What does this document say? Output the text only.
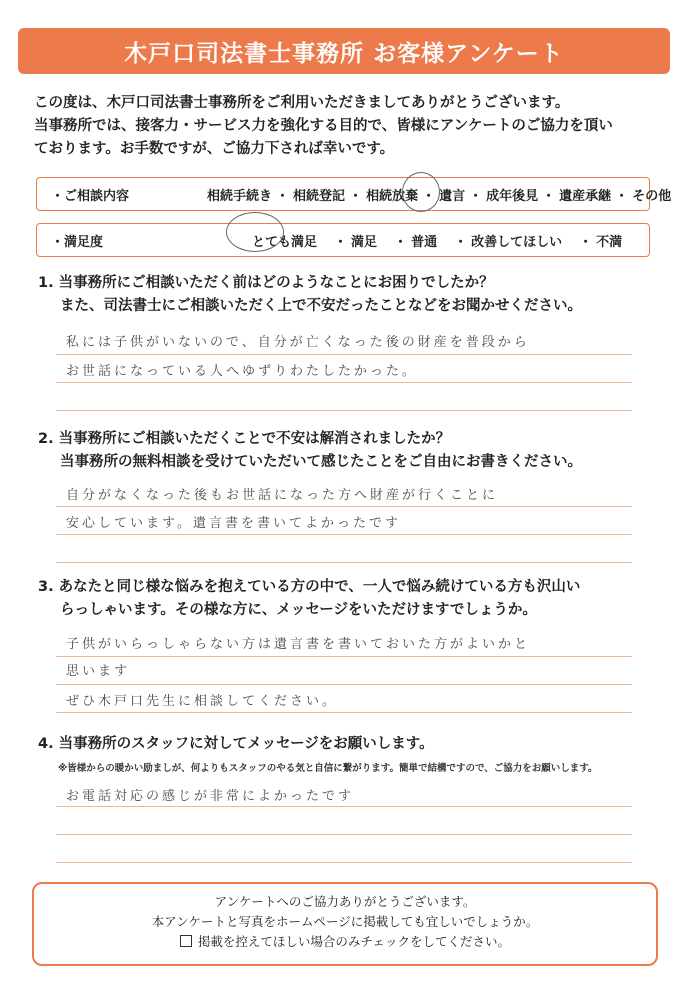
木戸口司法書士事務所 お客様アンケート

この度は、木戸口司法書士事務所をご利用いただきましてありがとうございます。

当事務所では、接客力・サービス力を強化する目的で、皆様にアンケートのご協力を頂い

ております。お手数ですが、ご協力下されば幸いです。

・ご相談内容	相続手続き ・ 相続登記 ・ 相続放棄 ・ 遺言 ・ 成年後見 ・ 遺産承継 ・ その他
・満足度	とても満足　・ 満足　・ 普通　・ 改善してほしい　・ 不満

1. 当事務所にご相談いただく前はどのようなことにお困りでしたか？

また、司法書士にご相談いただく上で不安だったことなどをお聞かせください。

私には子供がいないので、自分が亡くなった後の財産を普段から
お世話になっている人へゆずりわたしたかった。

2. 当事務所にご相談いただくことで不安は解消されましたか？

当事務所の無料相談を受けていただいて感じたことをご自由にお書きください。

自分がなくなった後もお世話になった方へ財産が行くことに
安心しています。遺言書を書いてよかったです

3. あなたと同じ様な悩みを抱えている方の中で、一人で悩み続けている方も沢山い

らっしゃいます。その様な方に、メッセージをいただけますでしょうか。

子供がいらっしゃらない方は遺言書を書いておいた方がよいかと
思います
ぜひ木戸口先生に相談してください。

4. 当事務所のスタッフに対してメッセージをお願いします。

※皆様からの暖かい励ましが、何よりもスタッフのやる気と自信に繋がります。簡単で結構ですので、ご協力をお願いします。
お電話対応の感じが非常によかったです

アンケートへのご協力ありがとうございます。

本アンケートと写真をホームページに掲載しても宜しいでしょうか。

掲載を控えてほしい場合のみチェックをしてください。
